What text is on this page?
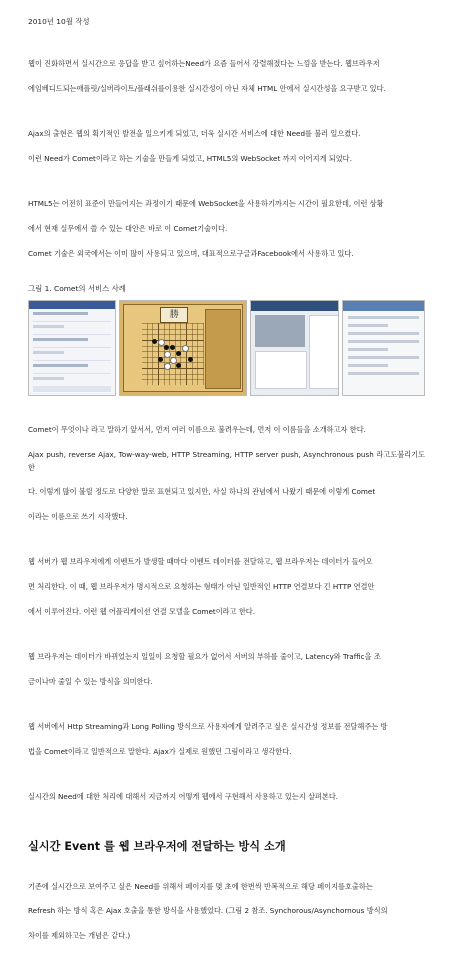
2010년 10월 작성

웹이 진화하면서 실시간으로 응답을 받고 싶어하는Need가 요즘 들어서 강렬해졌다는 느낌을 받는다. 웹브라우저

에임베디드되는애플릿/실버라이트/플래쉬를이용한 실시간성이 아닌 자체 HTML 안에서 실시간성을 요구받고 있다.

Ajax의 출현은 웹의 획기적인 발전을 일으키게 되었고, 더욱 실시간 서비스에 대한 Need를 불러 일으켰다.

이런 Need가 Comet이라고 하는 기술을 만들게 되었고, HTML5의 WebSocket 까지 이어지게 되었다.

HTML5는 어전히 표준이 만들어지는 과정이기 때문에 WebSocket을 사용하기까지는 시간이 필요한데, 이런 상황

에서 현재 실무에서 쓸 수 있는 대안은 바로 이 Comet기술이다.

Comet 기술은 외국에서는 이미 많이 사용되고 있으며, 대표적으로구글과Facebook에서 사용하고 있다.

그림 1. Comet의 서비스 사례
勝

Comet이 무엇이나 라고 말하기 앞서서, 먼저 여러 이름으로 불려우는데, 먼저 이 이름들을 소개하고자 한다.

Ajax push, reverse Ajax, Tow-way-web, HTTP Streaming, HTTP server push, Asynchronous push 라고도불리기도 한

다. 이렇게 많이 불릴 정도로 다양한 말로 표현되고 있지만, 사실 하나의 관념에서 나왔기 때문에 이렇게 Comet

이라는 이름으로 쓰기 시작했다.

웹 서버가 웹 브라우저에게 이벤트가 발생할 때마다 이벤트 데이터를 전달하고, 웹 브라우저는 데이터가 들어오

면 처리한다. 이 때, 웹 브라우저가 명시적으로 요청하는 형태가 아닌 일반적인 HTTP 연결보다 긴 HTTP 연결안

에서 이루어진다. 이런 웹 어플리케이션 연결 모델을 Comet이라고 한다.

웹 브라우저는 데이터가 바뀌었는지 일일이 요청할 필요가 없어서 서버의 부하를 줄이고, Latency와 Traffic을 조

금이나마 줄일 수 있는 방식을 의미한다.

웹 서버에서 Http Streaming과 Long Polling 방식으로 사용자에게 알려주고 싶은 실시간성 정보를 전달해주는 방

법을 Comet이라고 일반적으로 말한다. Ajax가 실제로 원했던 그림이라고 생각한다.

실시간의 Need에 대한 처리에 대해서 지금까지 어떻게 웹에서 구현해서 사용하고 있는지 살펴본다.

실시간 Event 를 웹 브라우저에 전달하는 방식 소개

기존에 실시간으로 보여주고 싶은 Need를 위해서 페이지를 몇 초에 한번씩 반복적으로 해당 페이지를호출하는

Refresh 하는 방식 혹은 Ajax 호출을 통한 방식을 사용했었다. (그림 2 참조. Synchorous/Asynchornous 방식의

차이를 제외하고는 개념은 같다.)
